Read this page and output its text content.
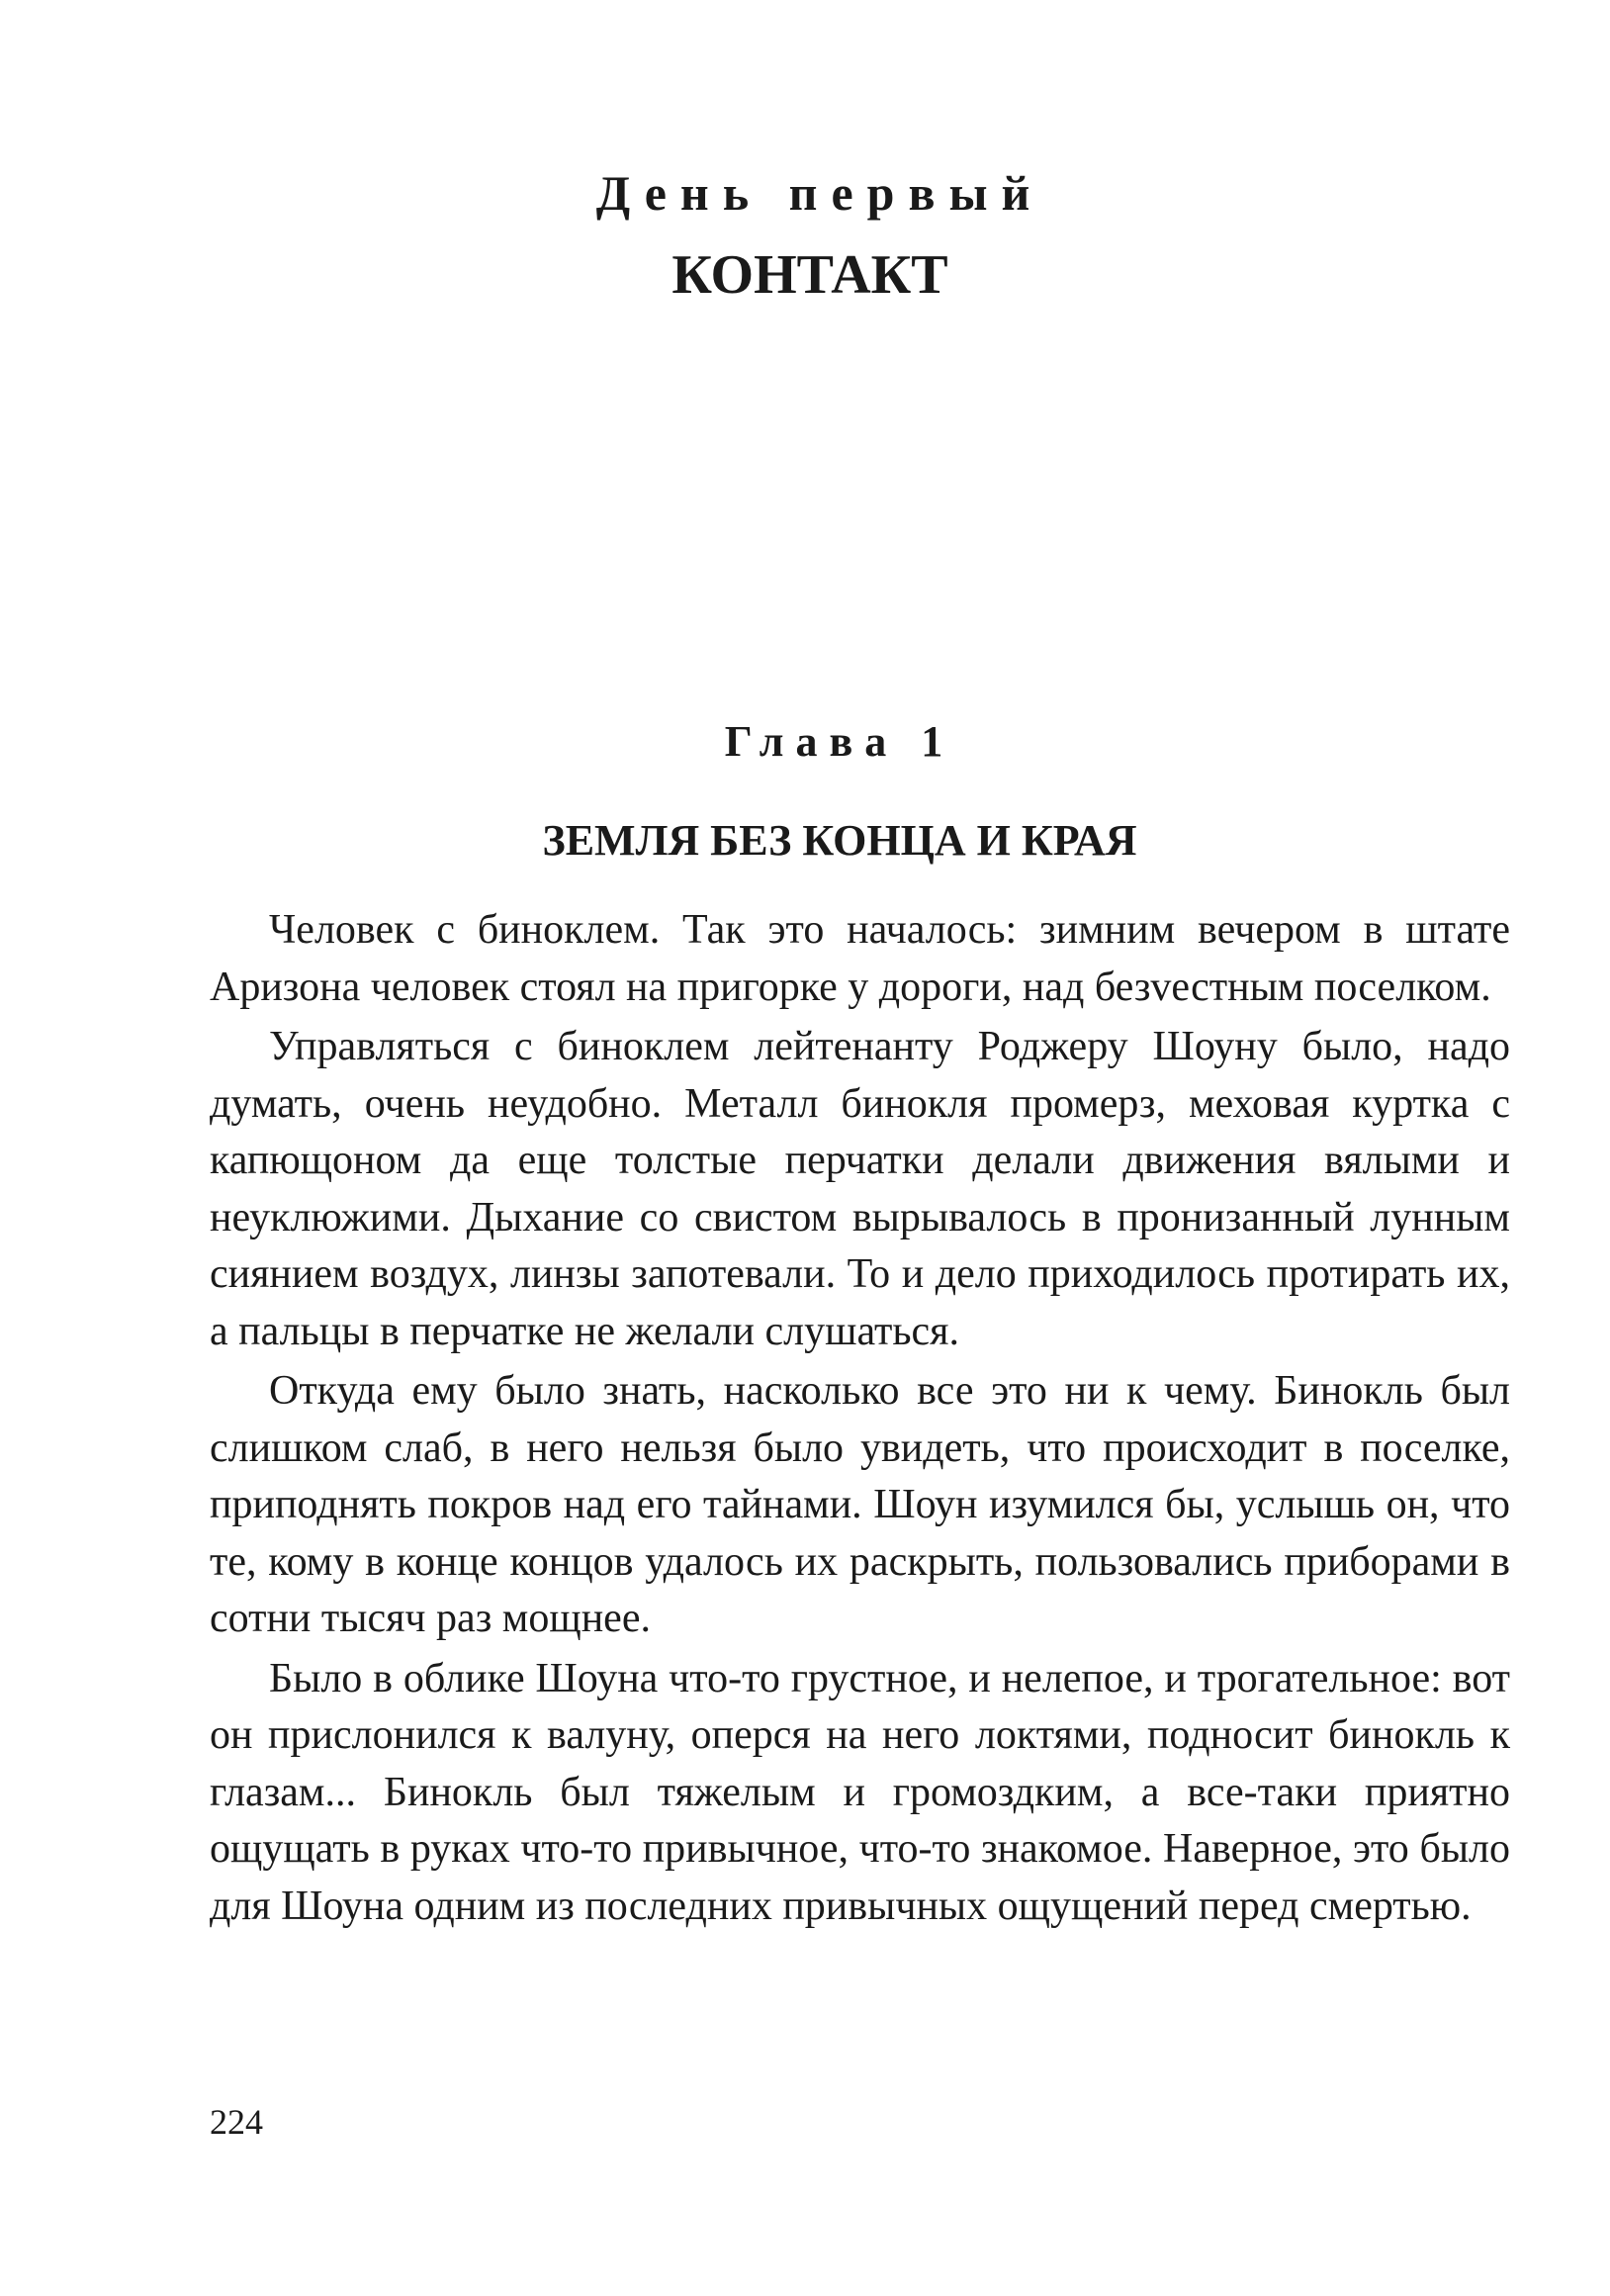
День первый
КОНТАКТ
Глава 1
ЗЕМЛЯ БЕЗ КОНЦА И КРАЯ

Человек с биноклем. Так это началось: зимним вечером в штате Аризона человек стоял на пригорке у дороги, над безvестным поселком.

Управляться с биноклем лейтенанту Роджеру Шоуну было, надо думать, очень неудобно. Металл бинокля промерз, меховая куртка с капющоном да еще толстые перчатки делали движения вялыми и неуклюжими. Дыхание со свистом вырывалось в пронизанный лунным сиянием воздух, линзы запотевали. То и дело приходилось протирать их, а пальцы в перчатке не желали слушаться.

Откуда ему было знать, насколько все это ни к чему. Бинокль был слишком слаб, в него нельзя было увидеть, что происходит в поселке, приподнять покров над его тайнами. Шоун изумился бы, услышь он, что те, кому в конце концов удалось их раскрыть, пользовались приборами в сотни тысяч раз мощнее.

Было в облике Шоуна что-то грустное, и нелепое, и трогательное: вот он прислонился к валуну, оперся на него локтями, подносит бинокль к глазам... Бинокль был тяжелым и громоздким, а все-таки приятно ощущать в руках что-то привычное, что-то знакомое. Наверное, это было для Шоуна одним из последних привычных ощущений перед смертью.

224
